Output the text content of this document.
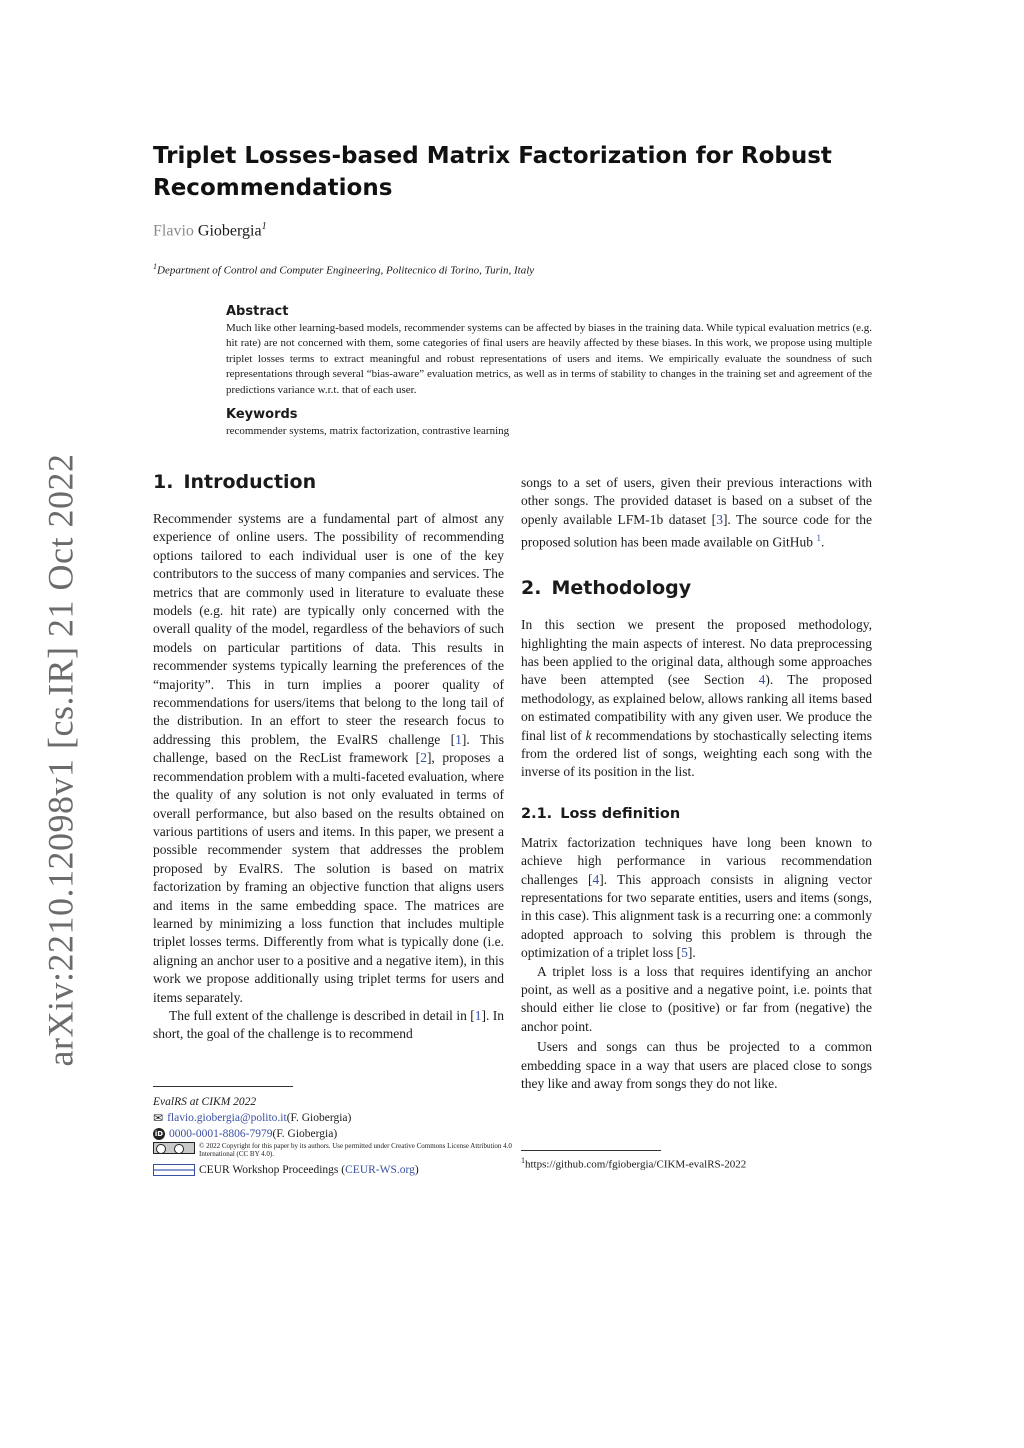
arXiv:2210.12098v1 [cs.IR] 21 Oct 2022
Triplet Losses-based Matrix Factorization for Robust Recommendations
Flavio Giobergia$^1$
$^1$Department of Control and Computer Engineering, Politecnico di Torino, Turin, Italy
Abstract

Much like other learning-based models, recommender systems can be affected by biases in the training data. While typical evaluation metrics (e.g. hit rate) are not concerned with them, some categories of final users are heavily affected by these biases. In this work, we propose using multiple triplet losses terms to extract meaningful and robust representations of users and items. We empirically evaluate the soundness of such representations through several “bias-aware” evaluation metrics, as well as in terms of stability to changes in the training set and agreement of the predictions variance w.r.t. that of each user.

Keywords

recommender systems, matrix factorization, contrastive learning

1. Introduction

Recommender systems are a fundamental part of almost any experience of online users. The possibility of recommending options tailored to each individual user is one of the key contributors to the success of many companies and services. The metrics that are commonly used in literature to evaluate these models (e.g. hit rate) are typically only concerned with the overall quality of the model, regardless of the behaviors of such models on particular partitions of data. This results in recommender systems typically learning the preferences of the “majority”. This in turn implies a poorer quality of recommendations for users/items that belong to the long tail of the distribution. In an effort to steer the research focus to addressing this problem, the EvalRS challenge [1]. This challenge, based on the RecList framework [2], proposes a recommendation problem with a multi-faceted evaluation, where the quality of any solution is not only evaluated in terms of overall performance, but also based on the results obtained on various partitions of users and items. In this paper, we present a possible recommender system that addresses the problem proposed by EvalRS. The solution is based on matrix factorization by framing an objective function that aligns users and items in the same embedding space. The matrices are learned by minimizing a loss function that includes multiple triplet losses terms. Differently from what is typically done (i.e. aligning an anchor user to a positive and a negative item), in this work we propose additionally using triplet terms for users and items separately.

The full extent of the challenge is described in detail in [1]. In short, the goal of the challenge is to recommend

EvalRS at CIKM 2022
✉ flavio.giobergia@polito.it (F. Giobergia)
iD 0000-0001-8806-7979 (F. Giobergia)
© 2022 Copyright for this paper by its authors. Use permitted under Creative Commons License Attribution 4.0 International (CC BY 4.0).
CEUR Workshop Proceedings ( CEUR-WS.org )

songs to a set of users, given their previous interactions with other songs. The provided dataset is based on a subset of the openly available LFM-1b dataset [3]. The source code for the proposed solution has been made available on GitHub $^1$.

2. Methodology

In this section we present the proposed methodology, highlighting the main aspects of interest. No data preprocessing has been applied to the original data, although some approaches have been attempted (see Section 4). The proposed methodology, as explained below, allows ranking all items based on estimated compatibility with any given user. We produce the final list of k recommendations by stochastically selecting items from the ordered list of songs, weighting each song with the inverse of its position in the list.

2.1. Loss definition

Matrix factorization techniques have long been known to achieve high performance in various recommendation challenges [4]. This approach consists in aligning vector representations for two separate entities, users and items (songs, in this case). This alignment task is a recurring one: a commonly adopted approach to solving this problem is through the optimization of a triplet loss [5].

A triplet loss is a loss that requires identifying an anchor point, as well as a positive and a negative point, i.e. points that should either lie close to (positive) or far from (negative) the anchor point.

Users and songs can thus be projected to a common embedding space in a way that users are placed close to songs they like and away from songs they do not like.

$^1$https://github.com/fgiobergia/CIKM-evalRS-2022
